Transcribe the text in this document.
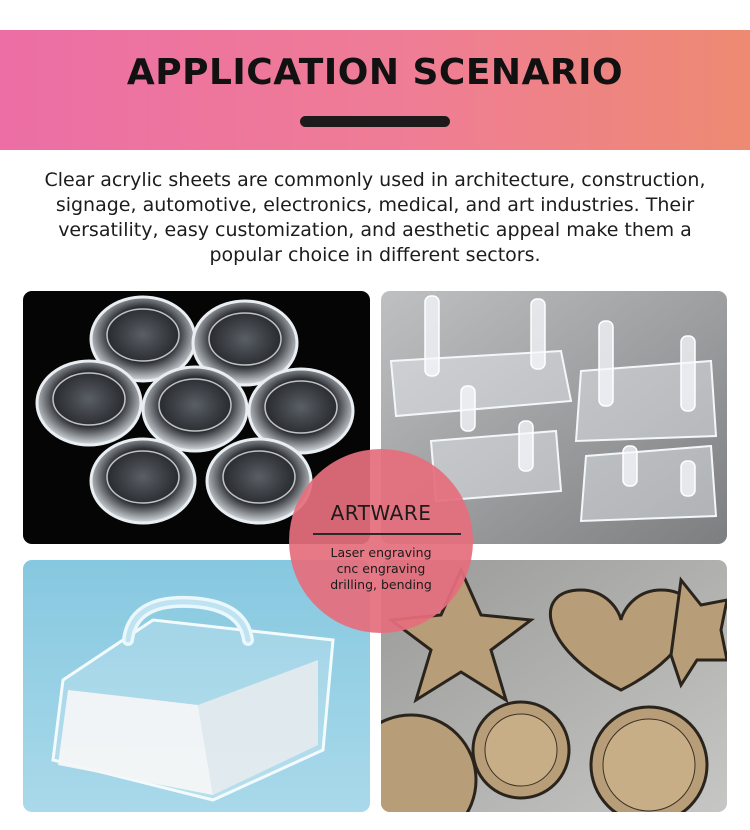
APPLICATION SCENARIO

Clear acrylic sheets are commonly used in architecture, construction, signage, automotive, electronics, medical, and art industries. Their versatility, easy customization, and aesthetic appeal make them a popular choice in different sectors.

ARTWARE
Laser engraving
cnc engraving
drilling, bending
